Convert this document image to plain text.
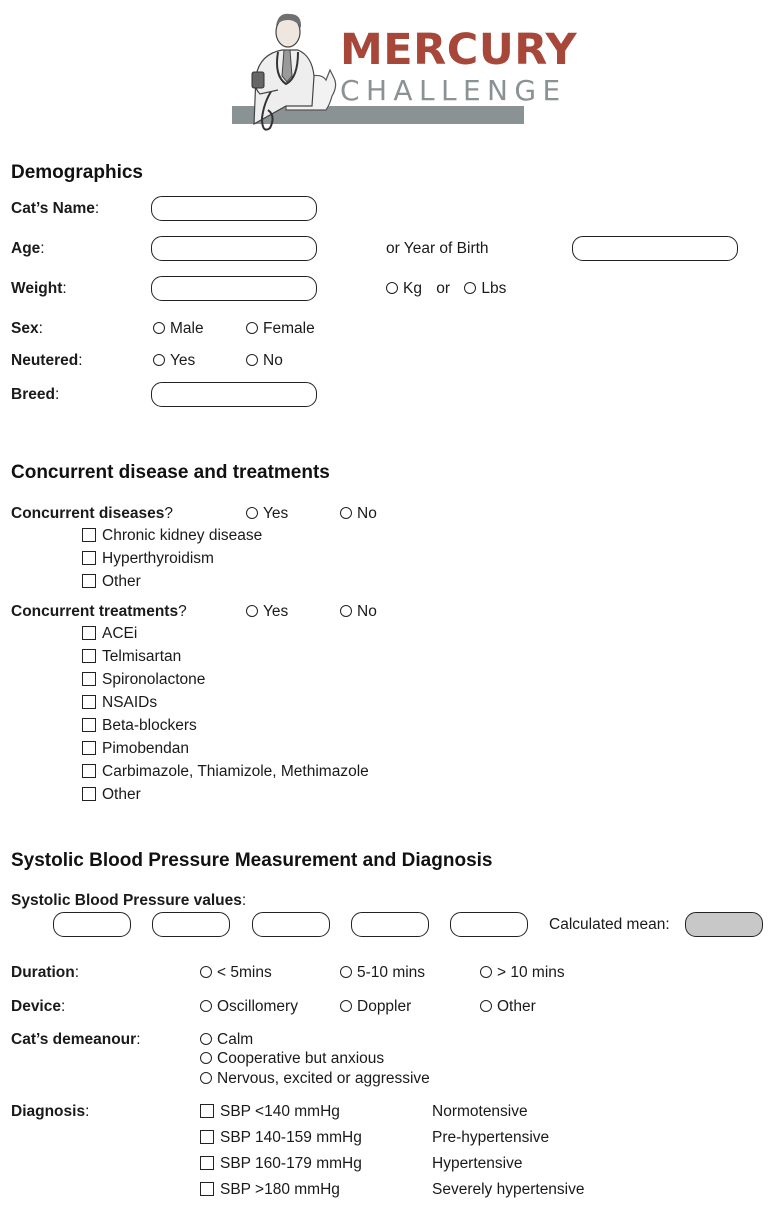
MERCURY
CHALLENGE
Demographics
Cat’s Name:
Age:	or Year of Birth
Weight:	Kg or Lbs
Sex:	Male	Female
Neutered:	Yes	No
Breed:
Concurrent disease and treatments
Concurrent diseases?	Yes	No
Chronic kidney disease
Hyperthyroidism
Other
Concurrent treatments?	Yes	No
ACEi
Telmisartan
Spironolactone
NSAIDs
Beta-blockers
Pimobendan
Carbimazole, Thiamizole, Methimazole
Other
Systolic Blood Pressure Measurement and Diagnosis
Systolic Blood Pressure values:
Calculated mean:
Duration:	< 5mins	5-10 mins	> 10 mins
Device:	Oscillomery	Doppler	Other
Cat’s demeanour:	Calm
Cooperative but anxious
Nervous, excited or aggressive
Diagnosis:	SBP <140 mmHg	Normotensive
SBP 140-159 mmHg	Pre-hypertensive
SBP 160-179 mmHg	Hypertensive
SBP >180 mmHg	Severely hypertensive
